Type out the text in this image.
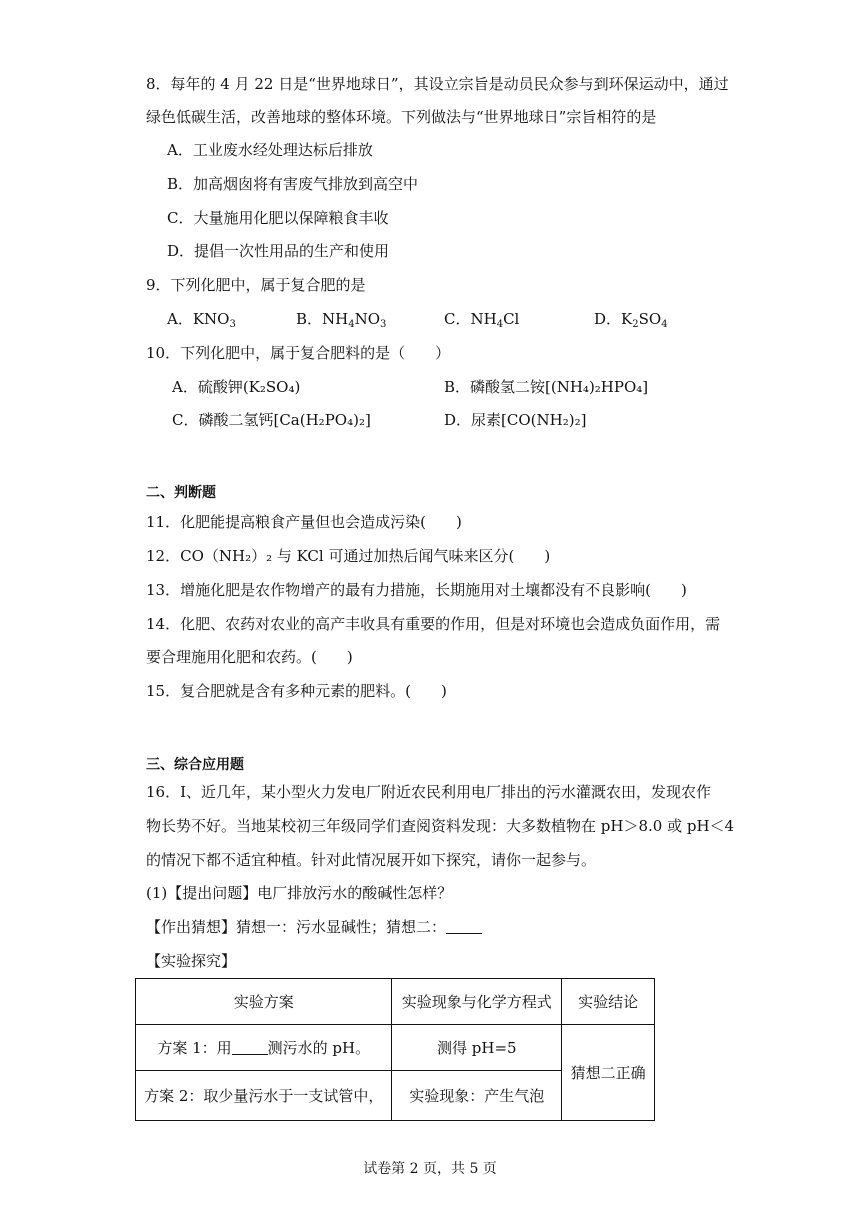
8．每年的 4 月 22 日是“世界地球日”，其设立宗旨是动员民众参与到环保运动中，通过
绿色低碳生活，改善地球的整体环境。下列做法与“世界地球日”宗旨相符的是
A．工业废水经处理达标后排放
B．加高烟囱将有害废气排放到高空中
C．大量施用化肥以保障粮食丰收
D．提倡一次性用品的生产和使用
9．下列化肥中，属于复合肥的是
A．$KNO_3$	B．$NH_4NO_3$	C．$NH_4Cl$	D．$K_2SO_4$
10．下列化肥中，属于复合肥料的是（　　）
A．硫酸钾(K₂SO₄)	B．磷酸氢二铵[(NH₄)₂HPO₄]
C．磷酸二氢钙[Ca(H₂PO₄)₂]	D．尿素[CO(NH₂)₂]
二、判断题
11．化肥能提高粮食产量但也会造成污染(　　)
12．CO（NH₂）₂ 与 KCl 可通过加热后闻气味来区分(　　)
13．增施化肥是农作物增产的最有力措施，长期施用对土壤都没有不良影响(　　)
14．化肥、农药对农业的高产丰收具有重要的作用，但是对环境也会造成负面作用，需
要合理施用化肥和农药。(　　)
15．复合肥就是含有多种元素的肥料。(　　)
三、综合应用题
16．Ⅰ、近几年，某小型火力发电厂附近农民利用电厂排出的污水灌溉农田，发现农作
物长势不好。当地某校初三年级同学们查阅资料发现：大多数植物在 pH＞8.0 或 pH＜4
的情况下都不适宜种植。针对此情况展开如下探究，请你一起参与。
(1)【提出问题】电厂排放污水的酸碱性怎样？
【作出猜想】猜想一：污水显碱性；猜想二：
【实验探究】
实验方案	实验现象与化学方程式	实验结论
方案 1：用 测污水的 pH。	测得 pH=5	猜想二正确
方案 2：取少量污水于一支试管中，	实验现象：产生气泡	
试卷第 2 页，共 5 页
